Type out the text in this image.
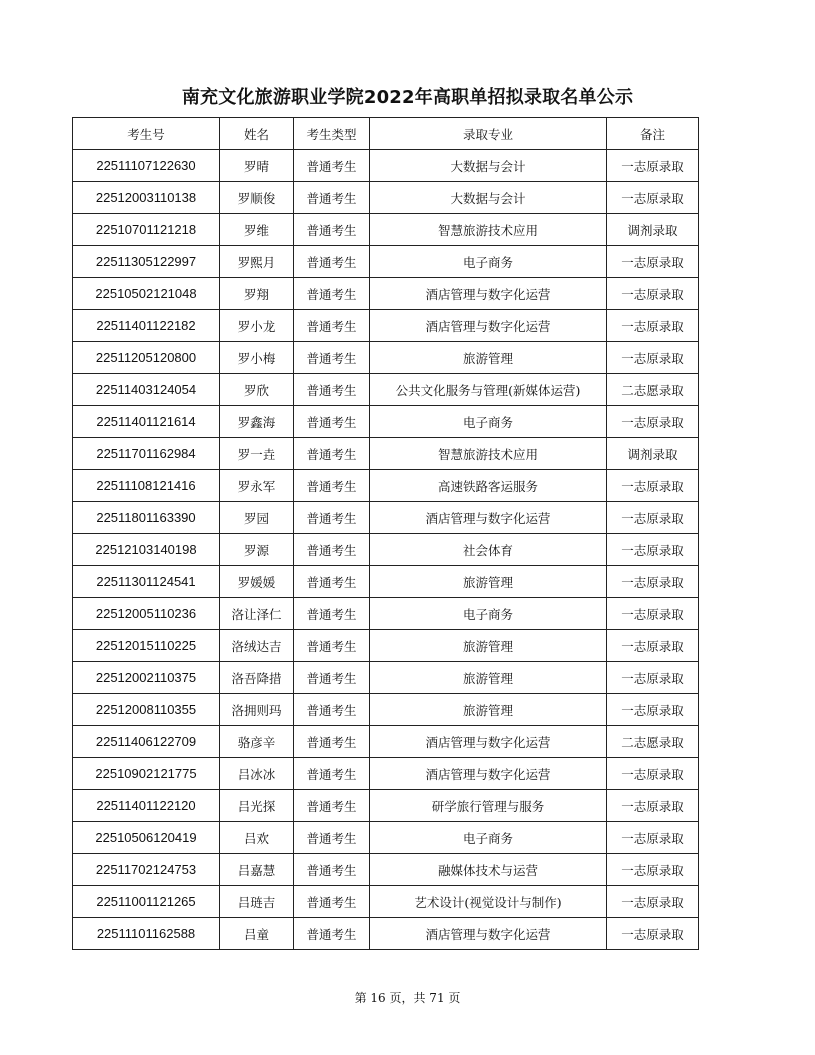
南充文化旅游职业学院2022年高职单招拟录取名单公示
考生号	姓名	考生类型	录取专业	备注
22511107122630	罗晴	普通考生	大数据与会计	一志原录取
22512003110138	罗顺俊	普通考生	大数据与会计	一志原录取
22510701121218	罗维	普通考生	智慧旅游技术应用	调剂录取
22511305122997	罗熙月	普通考生	电子商务	一志原录取
22510502121048	罗翔	普通考生	酒店管理与数字化运营	一志原录取
22511401122182	罗小龙	普通考生	酒店管理与数字化运营	一志原录取
22511205120800	罗小梅	普通考生	旅游管理	一志原录取
22511403124054	罗欣	普通考生	公共文化服务与管理(新媒体运营)	二志愿录取
22511401121614	罗鑫海	普通考生	电子商务	一志原录取
22511701162984	罗一垚	普通考生	智慧旅游技术应用	调剂录取
22511108121416	罗永军	普通考生	高速铁路客运服务	一志原录取
22511801163390	罗园	普通考生	酒店管理与数字化运营	一志原录取
22512103140198	罗源	普通考生	社会体育	一志原录取
22511301124541	罗媛媛	普通考生	旅游管理	一志原录取
22512005110236	洛让泽仁	普通考生	电子商务	一志原录取
22512015110225	洛绒达吉	普通考生	旅游管理	一志原录取
22512002110375	洛吾降措	普通考生	旅游管理	一志原录取
22512008110355	洛拥则玛	普通考生	旅游管理	一志原录取
22511406122709	骆彦辛	普通考生	酒店管理与数字化运营	二志愿录取
22510902121775	吕冰冰	普通考生	酒店管理与数字化运营	一志原录取
22511401122120	吕光探	普通考生	研学旅行管理与服务	一志原录取
22510506120419	吕欢	普通考生	电子商务	一志原录取
22511702124753	吕嘉慧	普通考生	融媒体技术与运营	一志原录取
22511001121265	吕琏吉	普通考生	艺术设计(视觉设计与制作)	一志原录取
22511101162588	吕童	普通考生	酒店管理与数字化运营	一志原录取
第 16 页，共 71 页
